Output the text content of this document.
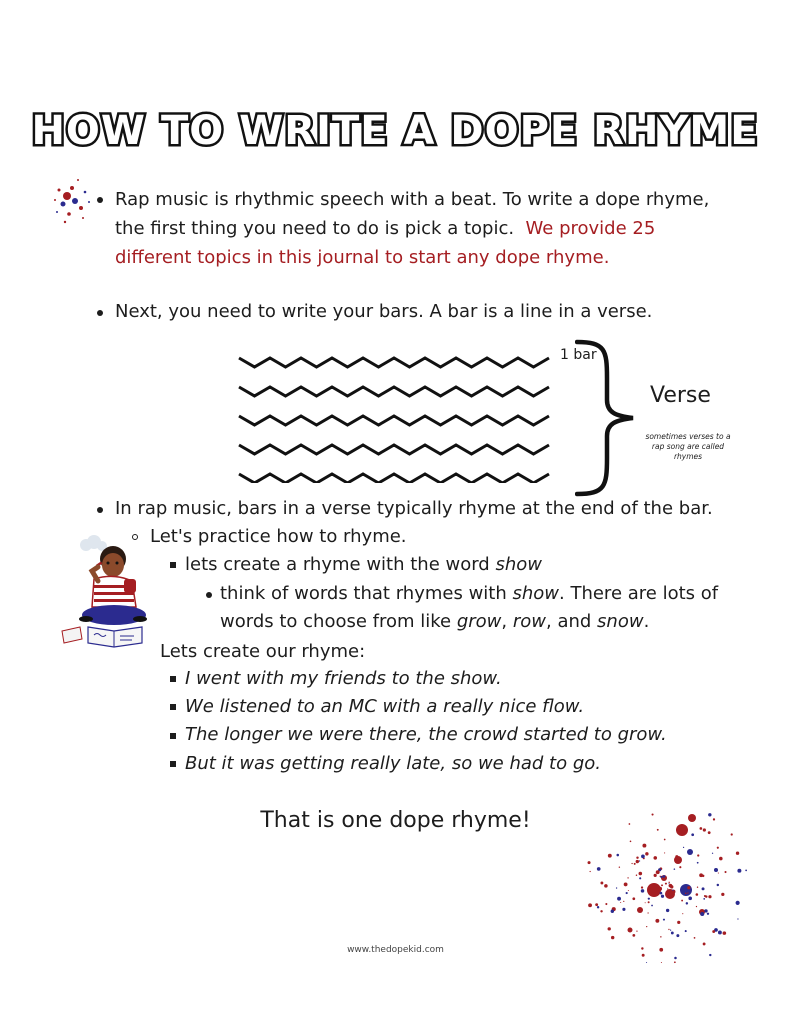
HOW TO WRITE A DOPE RHYME
Rap music is rhythmic speech with a beat. To write a dope rhyme,
the first thing you need to do is pick a topic. We provide 25
different topics in this journal to start any dope rhyme.
Next, you need to write your bars. A bar is a line in a verse.
1 bar
Verse
sometimes verses to a rap song are called rhymes
In rap music, bars in a verse typically rhyme at the end of the bar.
Let's practice how to rhyme.
lets create a rhyme with the word show
think of words that rhymes with show. There are lots of
words to choose from like grow, row, and snow.
Lets create our rhyme:
I went with my friends to the show.
We listened to an MC with a really nice flow.
The longer we were there, the crowd started to grow.
But it was getting really late, so we had to go.
That is one dope rhyme!
www.thedopekid.com
